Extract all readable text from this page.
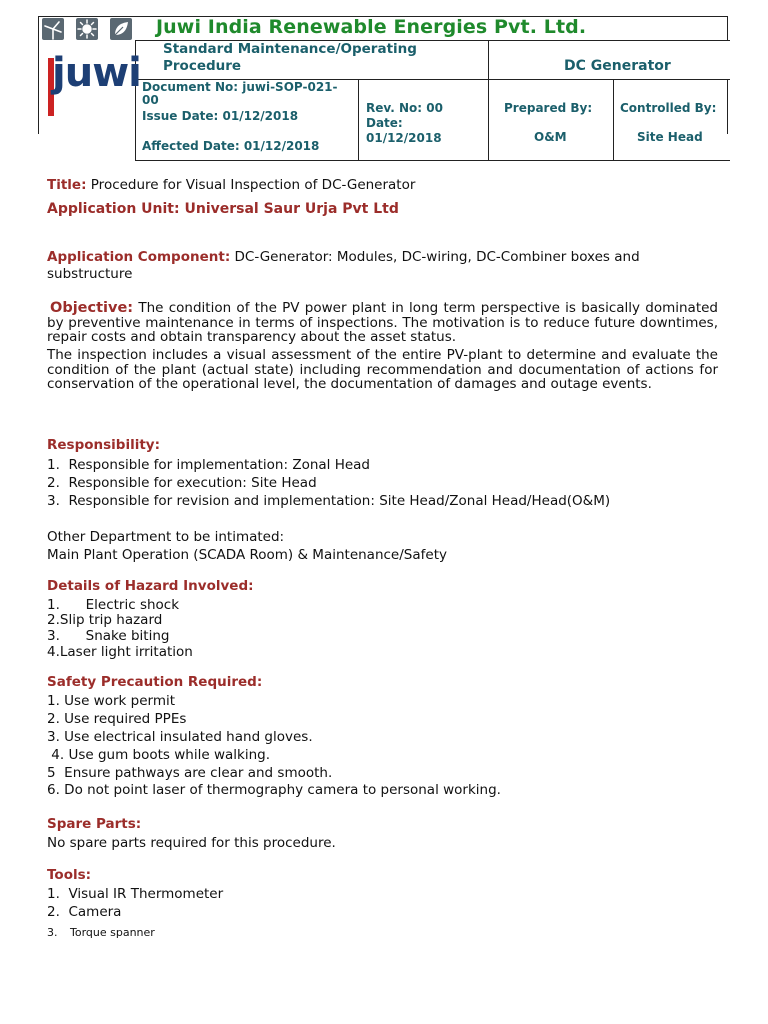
Juwi India Renewable Energies Pvt. Ltd.
juwi
Standard Maintenance/Operating
Procedure	DC Generator
Document No: juwi-SOP-021-
00
Issue Date: 01/12/2018
Affected Date: 01/12/2018
Rev. No: 00
Date:
01/12/2018
Prepared By:
O&M
Controlled By:
Site Head
Title: Procedure for Visual Inspection of DC-Generator
Application Unit: Universal Saur Urja Pvt Ltd
Application Component: DC-Generator: Modules, DC-wiring, DC-Combiner boxes and
substructure
Objective: The condition of the PV power plant in long term perspective is basically dominated by preventive maintenance in terms of inspections. The motivation is to reduce future downtimes, repair costs and obtain transparency about the asset status.
The inspection includes a visual assessment of the entire PV-plant to determine and evaluate the condition of the plant (actual state) including recommendation and documentation of actions for conservation of the operational level, the documentation of damages and outage events.
Responsibility:
1.  Responsible for implementation: Zonal Head
2.  Responsible for execution: Site Head
3.  Responsible for revision and implementation: Site Head/Zonal Head/Head(O&M)
Other Department to be intimated:
Main Plant Operation (SCADA Room) & Maintenance/Safety
Details of Hazard Involved:
1.      Electric shock
2.Slip trip hazard
3.      Snake biting
4.Laser light irritation
Safety Precaution Required:
1. Use work permit
2. Use required PPEs
3. Use electrical insulated hand gloves.
4. Use gum boots while walking.
5  Ensure pathways are clear and smooth.
6. Do not point laser of thermography camera to personal working.
Spare Parts:
No spare parts required for this procedure.
Tools:
1.  Visual IR Thermometer
2.  Camera
3. Torque spanner
